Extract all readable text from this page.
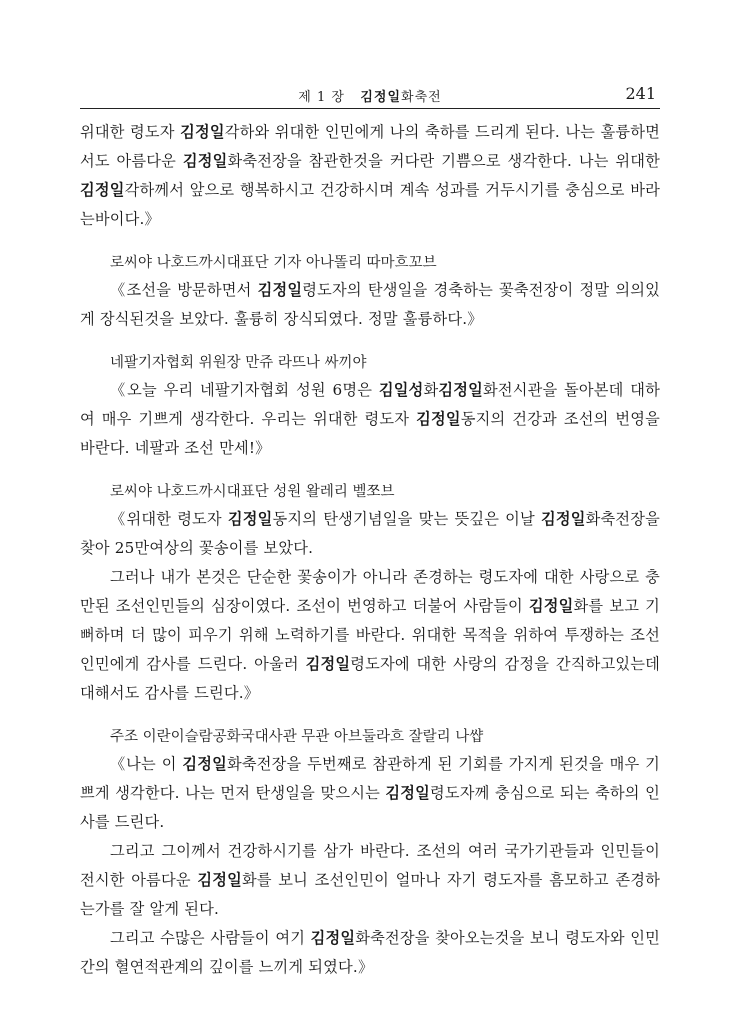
제 1 장 김정일화축전	241

위대한 령도자 김정일각하와 위대한 인민에게 나의 축하를 드리게 된다. 나는 훌륭하면서도 아름다운 김정일화축전장을 참관한것을 커다란 기쁨으로 생각한다. 나는 위대한 김정일각하께서 앞으로 행복하시고 건강하시며 계속 성과를 거두시기를 충심으로 바라는바이다.》

로씨야 나호드까시대표단 기자 아나똘리 따마흐꼬브

《조선을 방문하면서 김정일령도자의 탄생일을 경축하는 꽃축전장이 정말 의의있게 장식된것을 보았다. 훌륭히 장식되였다. 정말 훌륭하다.》

네팔기자협회 위원장 만쥬 라뜨나 싸끼야

《오늘 우리 네팔기자협회 성원 6명은 김일성화김정일화전시관을 돌아본데 대하여 매우 기쁘게 생각한다. 우리는 위대한 령도자 김정일동지의 건강과 조선의 번영을 바란다. 네팔과 조선 만세!》

로씨야 나호드까시대표단 성원 왈레리 벨쪼브

《위대한 령도자 김정일동지의 탄생기념일을 맞는 뜻깊은 이날 김정일화축전장을 찾아 25만여상의 꽃송이를 보았다.

그러나 내가 본것은 단순한 꽃송이가 아니라 존경하는 령도자에 대한 사랑으로 충만된 조선인민들의 심장이였다. 조선이 번영하고 더불어 사람들이 김정일화를 보고 기뻐하며 더 많이 피우기 위해 노력하기를 바란다. 위대한 목적을 위하여 투쟁하는 조선인민에게 감사를 드린다. 아울러 김정일령도자에 대한 사랑의 감정을 간직하고있는데 대해서도 감사를 드린다.》

주조 이란이슬람공화국대사관 무관 아브둘라흐 잘랄리 나썁

《나는 이 김정일화축전장을 두번째로 참관하게 된 기회를 가지게 된것을 매우 기쁘게 생각한다. 나는 먼저 탄생일을 맞으시는 김정일령도자께 충심으로 되는 축하의 인사를 드린다.

그리고 그이께서 건강하시기를 삼가 바란다. 조선의 여러 국가기관들과 인민들이 전시한 아름다운 김정일화를 보니 조선인민이 얼마나 자기 령도자를 흠모하고 존경하는가를 잘 알게 된다.

그리고 수많은 사람들이 여기 김정일화축전장을 찾아오는것을 보니 령도자와 인민간의 혈연적관계의 깊이를 느끼게 되였다.》
